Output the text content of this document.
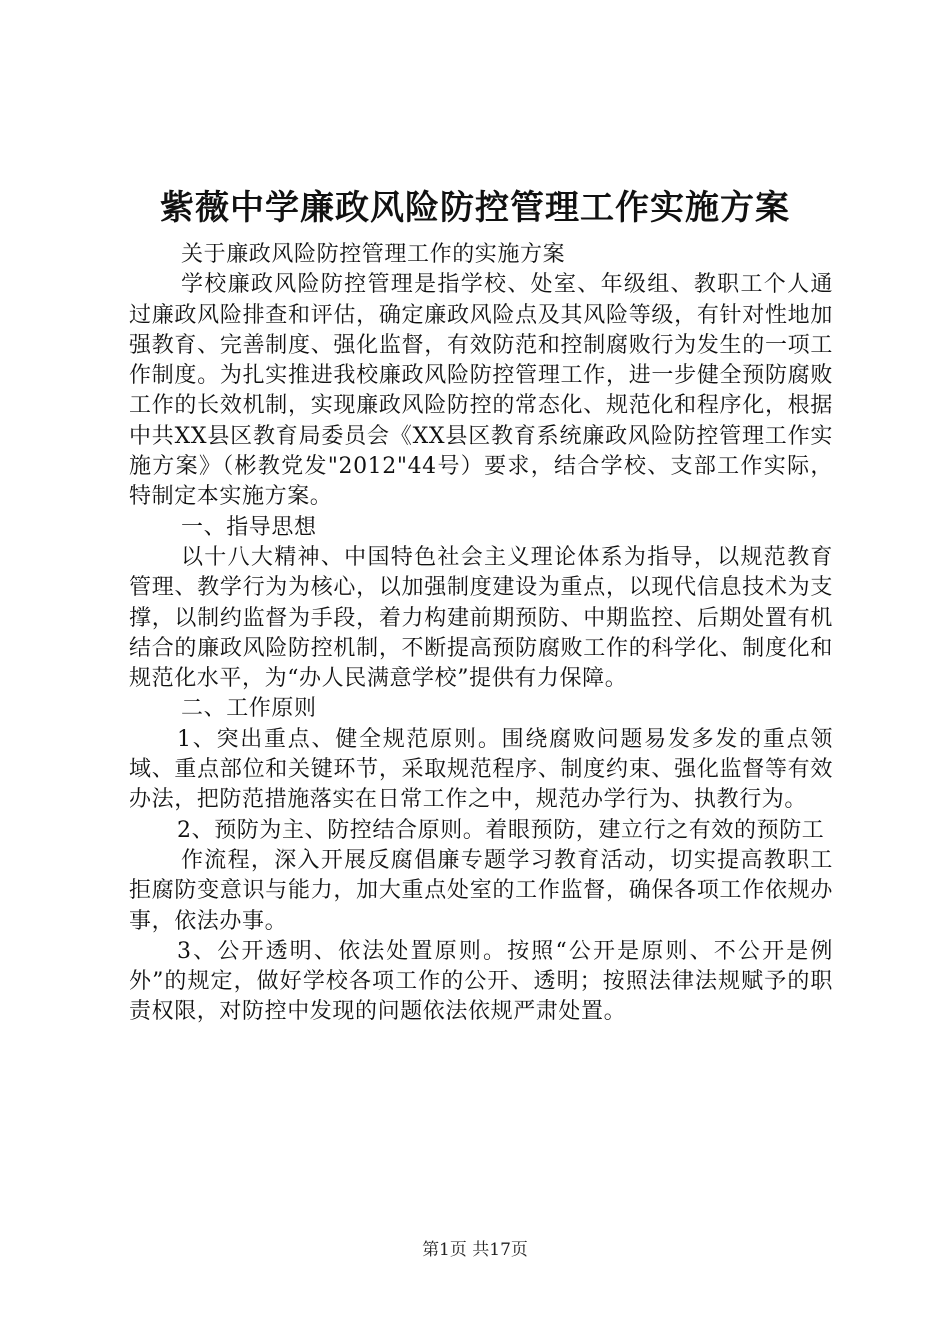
紫薇中学廉政风险防控管理工作实施方案

关于廉政风险防控管理工作的实施方案

学校廉政风险防控管理是指学校、处室、年级组、教职工个人通过廉政风险排查和评估，确定廉政风险点及其风险等级，有针对性地加强教育、完善制度、强化监督，有效防范和控制腐败行为发生的一项工作制度。为扎实推进我校廉政风险防控管理工作，进一步健全预防腐败工作的长效机制，实现廉政风险防控的常态化、规范化和程序化，根据中共XX县区教育局委员会《XX县区教育系统廉政风险防控管理工作实施方案》（彬教党发"2012"44号）要求，结合学校、支部工作实际，特制定本实施方案。

一、指导思想

以十八大精神、中国特色社会主义理论体系为指导，以规范教育管理、教学行为为核心，以加强制度建设为重点，以现代信息技术为支撑，以制约监督为手段，着力构建前期预防、中期监控、后期处置有机结合的廉政风险防控机制，不断提高预防腐败工作的科学化、制度化和规范化水平，为“办人民满意学校”提供有力保障。

二、工作原则

1、突出重点、健全规范原则。围绕腐败问题易发多发的重点领域、重点部位和关键环节，采取规范程序、制度约束、强化监督等有效办法，把防范措施落实在日常工作之中，规范办学行为、执教行为。

2、预防为主、防控结合原则。着眼预防，建立行之有效的预防工

作流程，深入开展反腐倡廉专题学习教育活动，切实提高教职工拒腐防变意识与能力，加大重点处室的工作监督，确保各项工作依规办事，依法办事。

3、公开透明、依法处置原则。按照“公开是原则、不公开是例外”的规定，做好学校各项工作的公开、透明；按照法律法规赋予的职责权限，对防控中发现的问题依法依规严肃处置。

第1页 共17页
